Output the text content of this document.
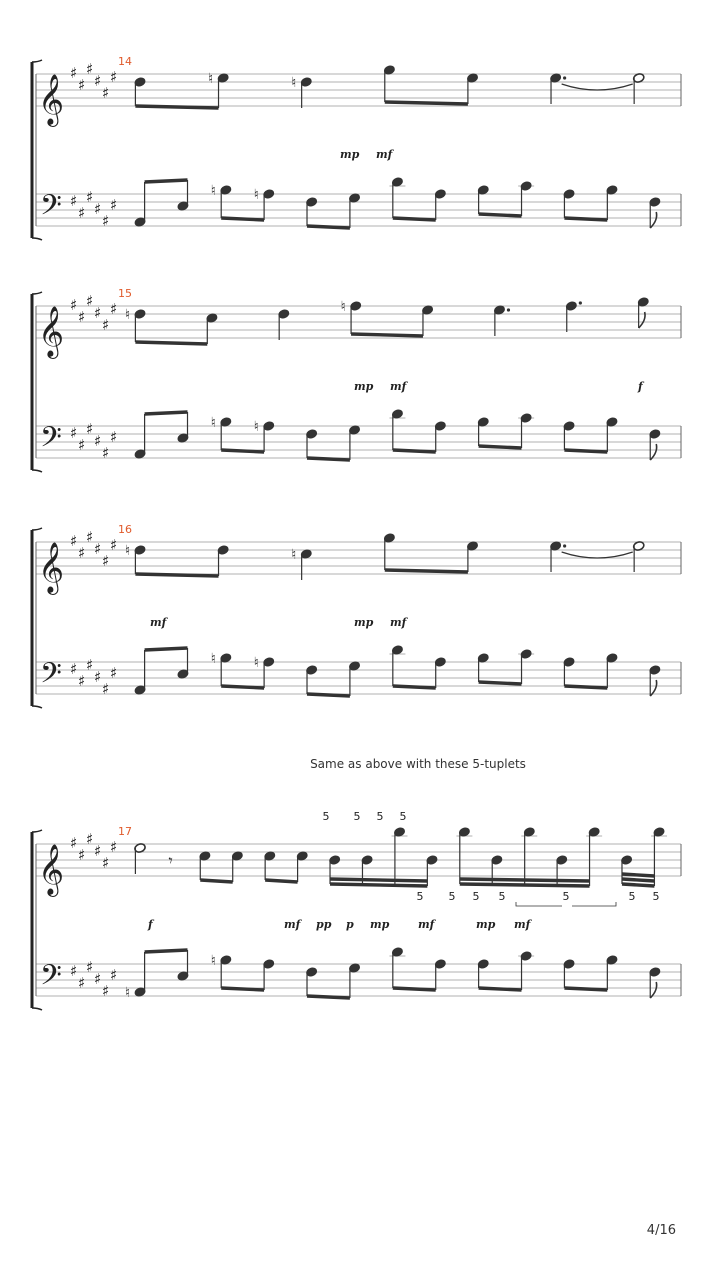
𝄞
𝄢
♯
♯
♯
♯
♯
♯
♯
♯
♯
♯
♯
♯
14
♮	♮
♮	♮
mp mf
𝄞
𝄢
♯
♯
♯
♯
♯
♯
♯
♯
♯
♯
♯
♯
15
♮	♮
♮	♮
mp mf	f
𝄞
𝄢
♯
♯
♯
♯
♯
♯
♯
♯
♯
♯
♯
♯
16
♮	♮
♮	♮
mf	mp mf
𝄞
𝄢
♯
♯
♯
♯
♯
♯
♯
♯
♯
♯
♯
♯
17
𝄾
♮
♮
f	mf pp p mp	mf	mp mf
5 5 5 5
5 5 5 5	5	5 5
Same as above with these 5-tuplets
4/16
